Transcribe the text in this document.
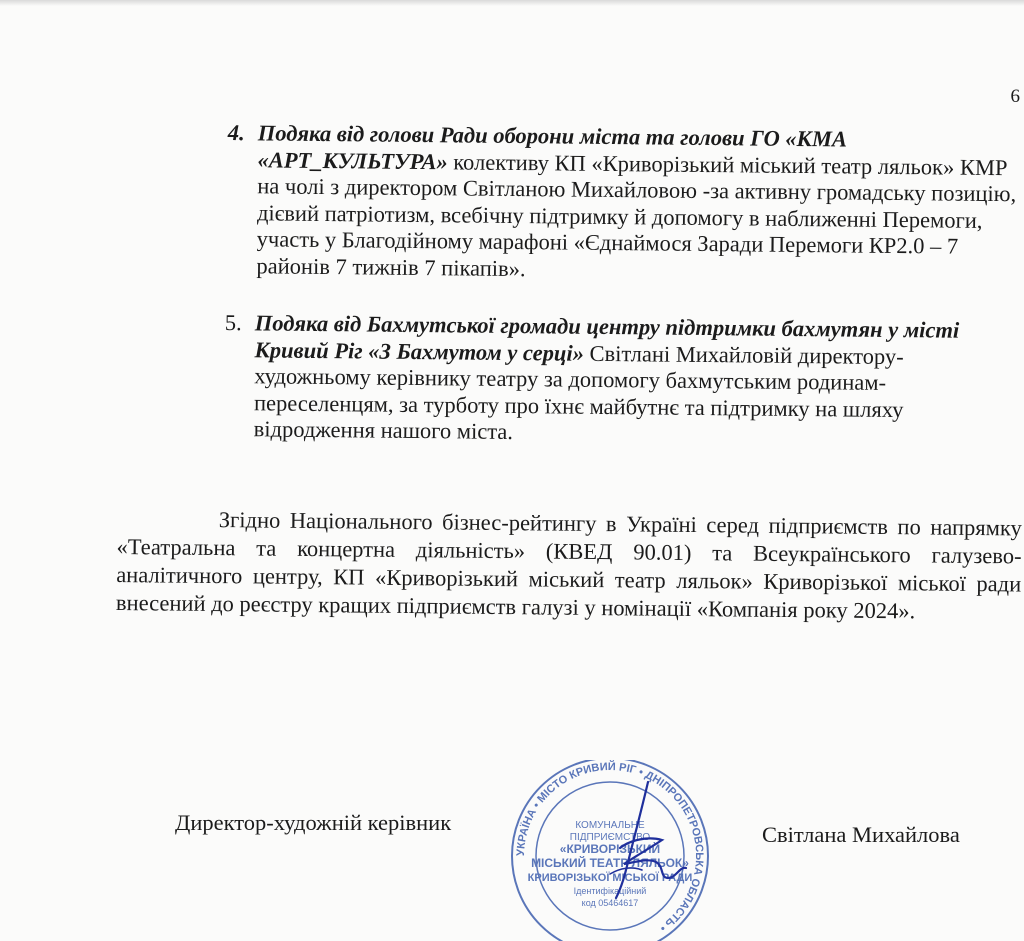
6
4. Подяка від голови Ради оборони міста та голови ГО «КМА «АРТ_КУЛЬТУРА» колективу КП «Криворізький міський театр ляльок» КМР на чолі з директором Світланою Михайловою -за активну громадську позицію, дієвий патріотизм, всебічну підтримку й допомогу в наближенні Перемоги, участь у Благодійному марафоні «Єднаймося Заради Перемоги КР2.0 – 7 районів 7 тижнів 7 пікапів».
5. Подяка від Бахмутської громади центру підтримки бахмутян у місті Кривий Ріг «З Бахмутом у серці» Світлані Михайловій директору-художньому керівнику театру за допомогу бахмутським родинам-переселенцям, за турботу про їхнє майбутнє та підтримку на шляху відродження нашого міста.
Згідно Національного бізнес-рейтингу в Україні серед підприємств по напрямку «Театральна та концертна діяльність» (КВЕД 90.01) та Всеукраїнського галузево-аналітичного центру, КП «Криворізький міський театр ляльок» Криворізької міської ради внесений до реєстру кращих підприємств галузі у номінації «Компанія року 2024».
Директор-художній керівник
УКРАЇНА • МІСТО КРИВИЙ РІГ • ДНІПРОПЕТРОВСЬКА ОБЛАСТЬ •
КОМУНАЛЬНЕ
ПІДПРИЄМСТВО
«КРИВОРІЗЬКИЙ
МІСЬКИЙ ТЕАТР ЛЯЛЬОК»
КРИВОРІЗЬКОЇ МІСЬКОЇ РАДИ
Ідентифікаційний
код 05464617
Світлана Михайлова
